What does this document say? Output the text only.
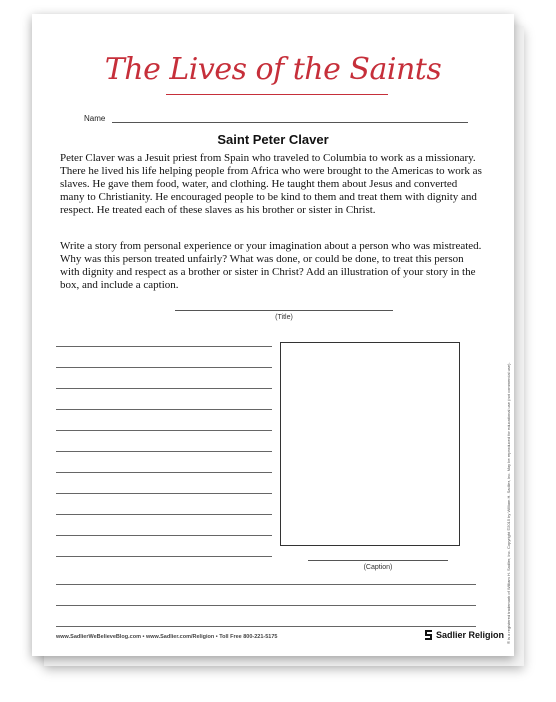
The Lives of the Saints
Name
Saint Peter Claver

Peter Claver was a Jesuit priest from Spain who traveled to Columbia to work as a missionary. There he lived his life helping people from Africa who were brought to the Americas to work as slaves. He gave them food, water, and clothing. He taught them about Jesus and converted many to Christianity. He encouraged people to be kind to them and treat them with dignity and respect. He treated each of these slaves as his brother or sister in Christ.

Write a story from personal experience or your imagination about a person who was mistreated. Why was this person treated unfairly? What was done, or could be done, to treat this person with dignity and respect as a brother or sister in Christ? Add an illustration of your story in the box, and include a caption.

(Title)
(Caption)
www.SadlierWeBelieveBlog.com • www.Sadlier.com/Religion • Toll Free 800-221-5175	Sadlier Religion ® is a registered trademark of William H. Sadlier, Inc. Copyright ©2015 by William H. Sadlier, Inc. May be reproduced for educational use (not commercial use).
